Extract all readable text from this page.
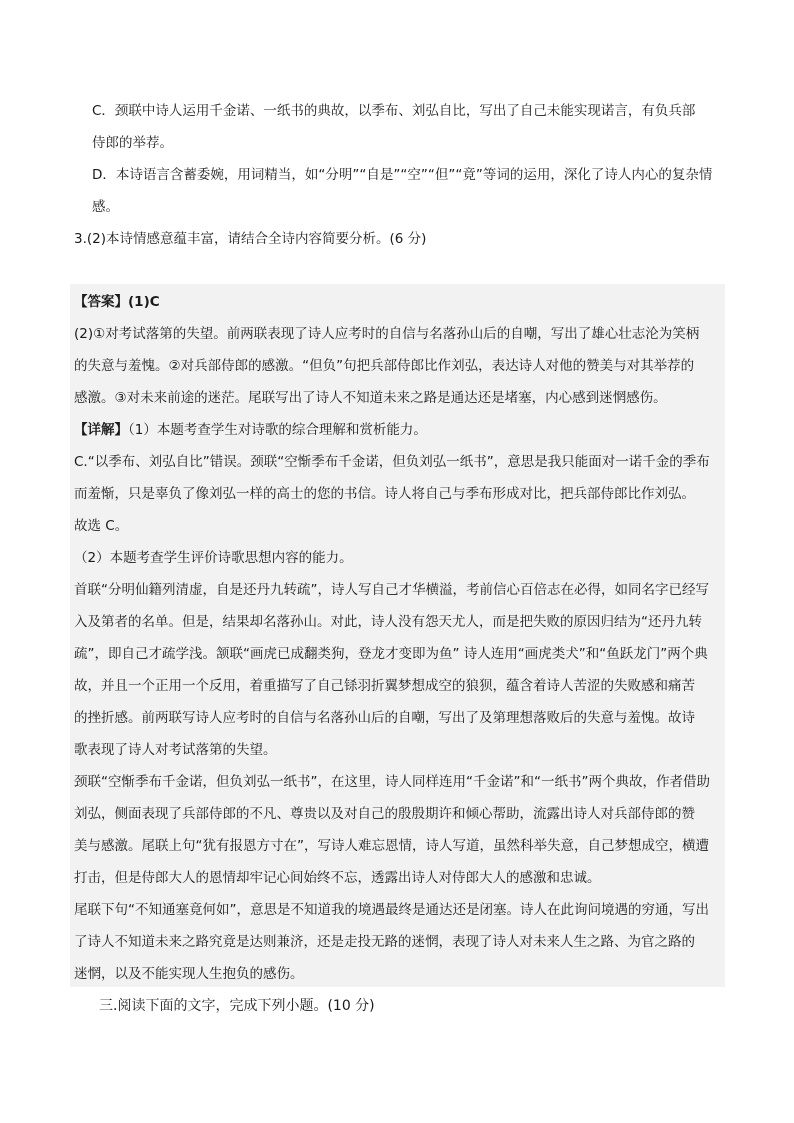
C．颈联中诗人运用千金诺、一纸书的典故，以季布、刘弘自比，写出了自己未能实现诺言，有负兵部
侍郎的举荐。
D．本诗语言含蓄委婉，用词精当，如“分明”“自是”“空”“但”“竟”等词的运用，深化了诗人内心的复杂情
感。
3.(2)本诗情感意蕴丰富，请结合全诗内容简要分析。(6 分)
【答案】(1)C
(2)①对考试落第的失望。前两联表现了诗人应考时的自信与名落孙山后的自嘲，写出了雄心壮志沦为笑柄
的失意与羞愧。②对兵部侍郎的感激。“但负”句把兵部侍郎比作刘弘，表达诗人对他的赞美与对其举荐的
感激。③对未来前途的迷茫。尾联写出了诗人不知道未来之路是通达还是堵塞，内心感到迷惘感伤。
【详解】（1）本题考查学生对诗歌的综合理解和赏析能力。
C.“以季布、刘弘自比”错误。颈联“空惭季布千金诺，但负刘弘一纸书”，意思是我只能面对一诺千金的季布
而羞惭，只是辜负了像刘弘一样的高士的您的书信。诗人将自己与季布形成对比，把兵部侍郎比作刘弘。
故选 C。
（2）本题考查学生评价诗歌思想内容的能力。
首联“分明仙籍列清虚，自是还丹九转疏”，诗人写自己才华横溢，考前信心百倍志在必得，如同名字已经写
入及第者的名单。但是，结果却名落孙山。对此，诗人没有怨天尤人，而是把失败的原因归结为“还丹九转
疏”，即自己才疏学浅。颔联“画虎已成翻类狗，登龙才变即为鱼” 诗人连用“画虎类犬”和“鱼跃龙门”两个典
故，并且一个正用一个反用，着重描写了自己铩羽折翼梦想成空的狼狈，蕴含着诗人苦涩的失败感和痛苦
的挫折感。前两联写诗人应考时的自信与名落孙山后的自嘲，写出了及第理想落败后的失意与羞愧。故诗
歌表现了诗人对考试落第的失望。
颈联“空惭季布千金诺，但负刘弘一纸书”，在这里，诗人同样连用“千金诺”和“一纸书”两个典故，作者借助
刘弘，侧面表现了兵部侍郎的不凡、尊贵以及对自己的殷殷期许和倾心帮助，流露出诗人对兵部侍郎的赞
美与感激。尾联上句“犹有报恩方寸在”，写诗人难忘恩情，诗人写道，虽然科举失意，自己梦想成空，横遭
打击，但是侍郎大人的恩情却牢记心间始终不忘，透露出诗人对侍郎大人的感激和忠诚。
尾联下句“不知通塞竟何如”，意思是不知道我的境遇最终是通达还是闭塞。诗人在此询问境遇的穷通，写出
了诗人不知道未来之路究竟是达则兼济，还是走投无路的迷惘，表现了诗人对未来人生之路、为官之路的
迷惘，以及不能实现人生抱负的感伤。
三.阅读下面的文字，完成下列小题。(10 分)
